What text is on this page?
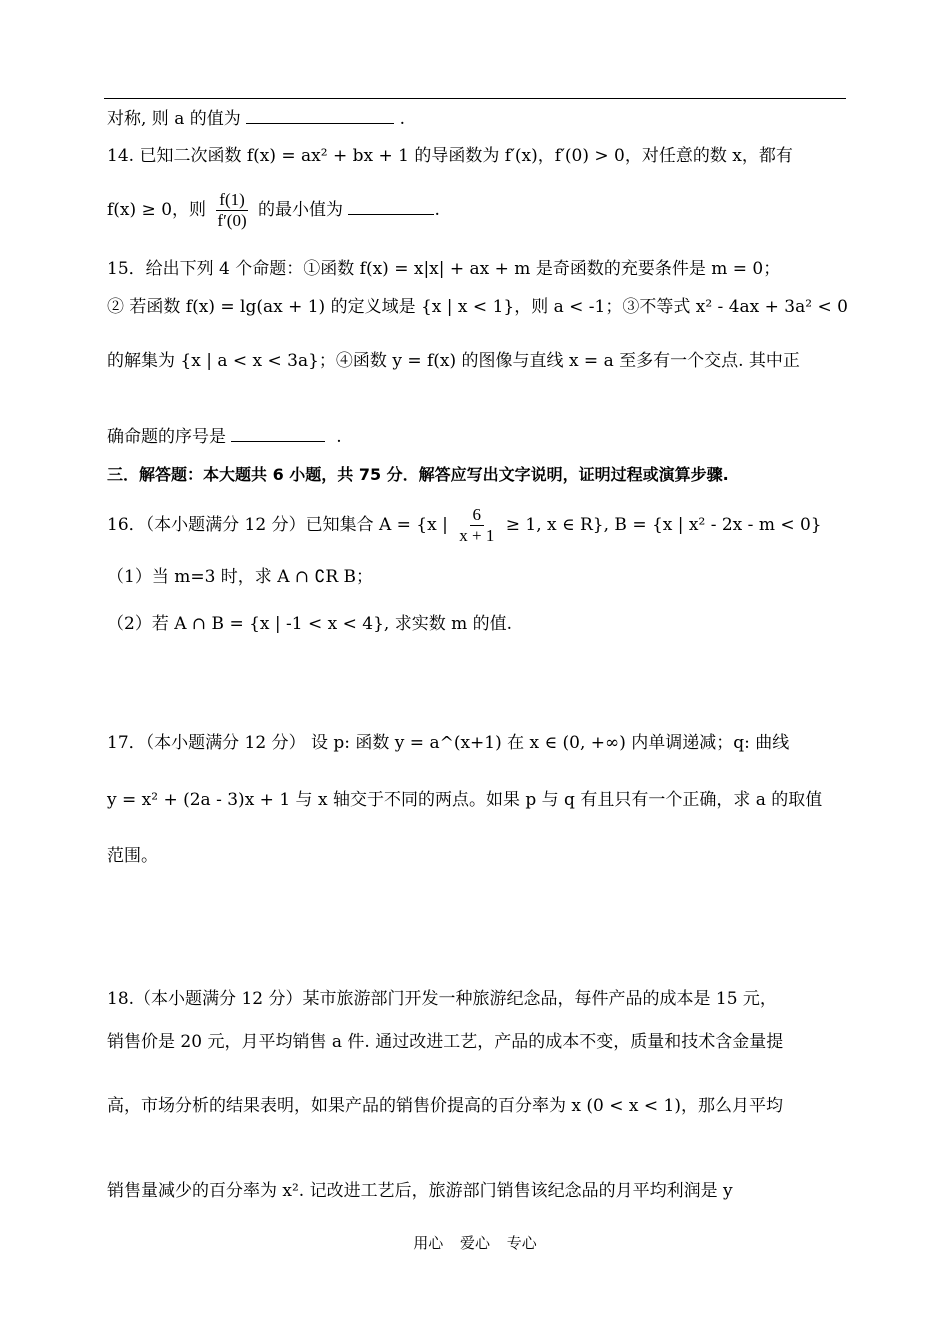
对称, 则 a 的值为	.
14. 已知二次函数 f(x) = ax² + bx + 1 的导函数为 f′(x)，f′(0) > 0，对任意的数 x，都有
f(x) ≥ 0，则 $\frac{f(1)}{f'(0)}$ 的最小值为	.
15．给出下列 4 个命题：①函数 f(x) = x|x| + ax + m 是奇函数的充要条件是 m = 0；
② 若函数 f(x) = lg(ax + 1) 的定义域是 {x | x < 1}，则 a < -1；③不等式 x² - 4ax + 3a² < 0
的解集为 {x | a < x < 3a}；④函数 y = f(x) 的图像与直线 x = a 至多有一个交点. 其中正
确命题的序号是	.
三．解答题：本大题共 6 小题，共 75 分．解答应写出文字说明，证明过程或演算步骤.
16．（本小题满分 12 分）已知集合 A = {x | $\frac{6}{x + 1} \ge 1$, x ∈ R}, B = {x | x² - 2x - m < 0}
（1）当 m=3 时，求 A ∩ ∁R B；
（2）若 A ∩ B = {x | -1 < x < 4}, 求实数 m 的值.
17．（本小题满分 12 分） 设 p: 函数 y = a^(x+1) 在 x ∈ (0, +∞) 内单调递减；q: 曲线
y = x² + (2a - 3)x + 1 与 x 轴交于不同的两点。如果 p 与 q 有且只有一个正确，求 a 的取值
范围。
18.（本小题满分 12 分）某市旅游部门开发一种旅游纪念品，每件产品的成本是 15 元，
销售价是 20 元，月平均销售 a 件. 通过改进工艺，产品的成本不变，质量和技术含金量提
高，市场分析的结果表明，如果产品的销售价提高的百分率为 x (0 < x < 1)，那么月平均
销售量减少的百分率为 x². 记改进工艺后，旅游部门销售该纪念品的月平均利润是 y
用心 爱心 专心
